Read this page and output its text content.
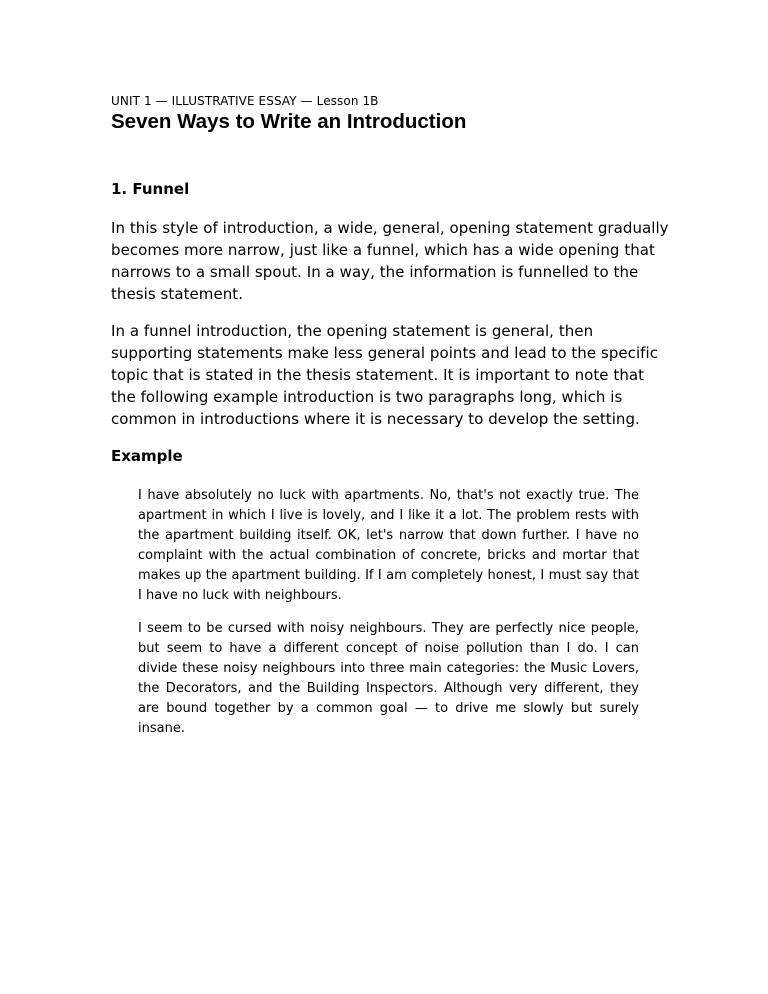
UNIT 1 — ILLUSTRATIVE ESSAY — Lesson 1B

Seven Ways to Write an Introduction
1. Funnel

In this style of introduction, a wide, general, opening statement gradually becomes more narrow, just like a funnel, which has a wide opening that narrows to a small spout. In a way, the information is funnelled to the thesis statement.

In a funnel introduction, the opening statement is general, then supporting statements make less general points and lead to the specific topic that is stated in the thesis statement. It is important to note that the following example introduction is two paragraphs long, which is common in introductions where it is necessary to develop the setting.

Example

I have absolutely no luck with apartments. No, that's not exactly true. The apartment in which I live is lovely, and I like it a lot. The problem rests with the apartment building itself. OK, let's narrow that down further. I have no complaint with the actual combination of concrete, bricks and mortar that makes up the apartment building. If I am completely honest, I must say that I have no luck with neighbours.

I seem to be cursed with noisy neighbours. They are perfectly nice people, but seem to have a different concept of noise pollution than I do. I can divide these noisy neighbours into three main categories: the Music Lovers, the Decorators, and the Building Inspectors. Although very different, they are bound together by a common goal — to drive me slowly but surely insane.
